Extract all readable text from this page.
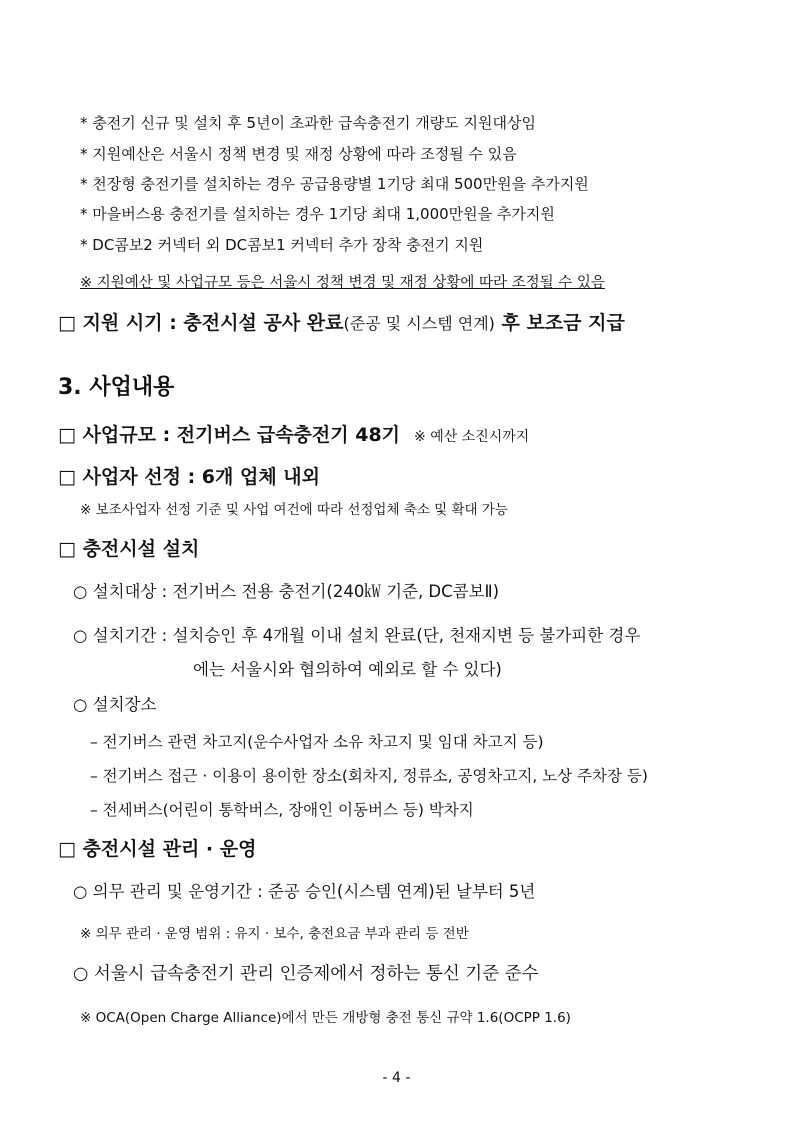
* 충전기 신규 및 설치 후 5년이 초과한 급속충전기 개량도 지원대상임
* 지원예산은 서울시 정책 변경 및 재정 상황에 따라 조정될 수 있음
* 천장형 충전기를 설치하는 경우 공급용량별 1기당 최대 500만원을 추가지원
* 마을버스용 충전기를 설치하는 경우 1기당 최대 1,000만원을 추가지원
* DC콤보2 커넥터 외 DC콤보1 커넥터 추가 장착 충전기 지원
※ 지원예산 및 사업규모 등은 서울시 정책 변경 및 재정 상황에 따라 조정될 수 있음
□ 지원 시기 : 충전시설 공사 완료(준공 및 시스템 연계) 후 보조금 지급
3. 사업내용
□ 사업규모 : 전기버스 급속충전기 48기 ※ 예산 소진시까지
□ 사업자 선정 : 6개 업체 내외
※ 보조사업자 선정 기준 및 사업 여건에 따라 선정업체 축소 및 확대 가능
□ 충전시설 설치
○ 설치대상 : 전기버스 전용 충전기(240㎾ 기준, DC콤보Ⅱ)
○ 설치기간 : 설치승인 후 4개월 이내 설치 완료(단, 천재지변 등 불가피한 경우
에는 서울시와 협의하여 예외로 할 수 있다)
○ 설치장소
– 전기버스 관련 차고지(운수사업자 소유 차고지 및 임대 차고지 등)
– 전기버스 접근 · 이용이 용이한 장소(회차지, 정류소, 공영차고지, 노상 주차장 등)
– 전세버스(어린이 통학버스, 장애인 이동버스 등) 박차지
□ 충전시설 관리 · 운영
○ 의무 관리 및 운영기간 : 준공 승인(시스템 연계)된 날부터 5년
※ 의무 관리 · 운영 범위 : 유지 · 보수, 충전요금 부과 관리 등 전반
○ 서울시 급속충전기 관리 인증제에서 정하는 통신 기준 준수
※ OCA(Open Charge Alliance)에서 만든 개방형 충전 통신 규약 1.6(OCPP 1.6)
- 4 -
